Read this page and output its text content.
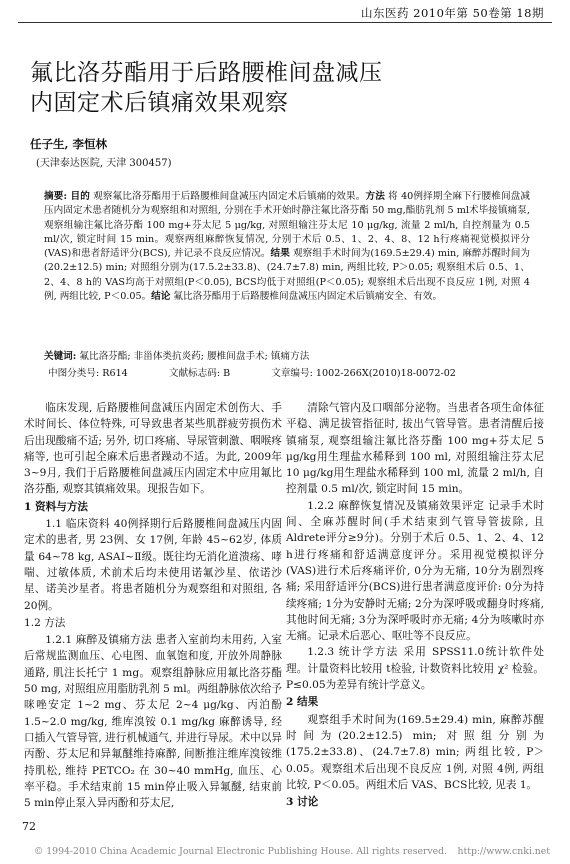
山东医药 2010年第 50卷第 18期
氟比洛芬酯用于后路腰椎间盘减压
内固定术后镇痛效果观察
任子生, 李恒林
(天津泰达医院, 天津 300457)

摘要: 目的 观察氟比洛芬酯用于后路腰椎间盘减压内固定术后镇痛的效果。方法 将 40例择期全麻下行腰椎间盘减压内固定术患者随机分为观察组和对照组, 分别在手术开始时静注氟比洛芬酯 50 mg,酯肪乳剂 5 ml术毕接镇痛泵, 观察组输注氟比洛芬酯 100 mg+芬太尼 5 μg/kg, 对照组输注芬太尼 10 μg/kg, 流量 2 ml/h, 自控剂量为 0.5 ml/次, 锁定时间 15 min。观察两组麻醉恢复情况, 分别于术后 0.5、1、2、4、8、12 h行疼痛视觉模拟评分(VAS)和患者舒适评分(BCS), 并记录不良反应情况。结果 观察组手术时间为(169.5±29.4) min, 麻醉苏醒时间为(20.2±12.5) min; 对照组分别为(17.5.2±33.8)、(24.7±7.8) min, 两组比较, P＞0.05; 观察组术后 0.5、1、2、4、8 h的 VAS均高于对照组(P＜0.05), BCS均低于对照组(P＜0.05); 观察组术后出现不良反应 1例, 对照 4例, 两组比较, P＜0.05。结论 氟比洛芬酯用于后路腰椎间盘减压内固定术后镇痛安全、有效。

关键词: 氟比洛芬酯; 非甾体类抗炎药; 腰椎间盘手术; 镇痛方法
中图分类号: R614	文献标志码: B	文章编号: 1002-266X(2010)18-0072-02

临床发现, 后路腰椎间盘减压内固定术创伤大、手术时间长、体位特殊, 可导致患者某些肌群疲劳损伤术后出现酸痛不适; 另外, 切口疼痛、导尿管刺激、咽喉疼痛等, 也可引起全麻术后患者躁动不适。为此, 2009年 3~9月, 我们于后路腰椎间盘减压内固定术中应用氟比洛芬酯, 观察其镇痛效果。现报告如下。

1 资料与方法

1.1 临床资料 40例择期行后路腰椎间盘减压内固定术的患者, 男 23例、女 17例, 年龄 45~62岁, 体质量 64~78 kg, ASAⅠ~Ⅱ级。既往均无消化道溃疡、哮喘、过敏体质, 术前术后均未使用诺氟沙星、依诺沙星、诺美沙星者。将患者随机分为观察组和对照组, 各 20例。

1.2 方法

1.2.1 麻醉及镇痛方法 患者入室前均未用药, 入室后常规监测血压、心电图、血氧饱和度, 开放外周静脉通路, 肌注长托宁 1 mg。观察组静脉应用氟比洛芬酯 50 mg, 对照组应用脂肪乳剂 5 ml。两组静脉依次给予咪唑安定 1~2 mg、芬太尼 2~4 μg/kg、丙泊酚 1.5~2.0 mg/kg, 维库溴铵 0.1 mg/kg 麻醉诱导, 经口插入气管导管, 进行机械通气, 并进行导尿。术中以异丙酚、芬太尼和异氟醚维持麻醉, 间断推注维库溴铵维持肌松, 维持 PETCO₂ 在 30~40 mmHg, 血压、心率平稳。手术结束前 15 min停止吸入异氟醚, 结束前 5 min停止泵入异丙酚和芬太尼,

清除气管内及口咽部分泌物。当患者各项生命体征平稳、满足拔管指征时, 拔出气管导管。患者清醒后接镇痛泵, 观察组输注氟比洛芬酯 100 mg+芬太尼 5 μg/kg用生理盐水稀释到 100 ml, 对照组输注芬太尼 10 μg/kg用生理盐水稀释到 100 ml, 流量 2 ml/h, 自控剂量 0.5 ml/次, 锁定时间 15 min。

1.2.2 麻醉恢复情况及镇痛效果评定 记录手术时间、全麻苏醒时间(手术结束到气管导管拔除, 且 Aldrete评分≥9分)。分别于术后 0.5、1、2、4、12 h进行疼痛和舒适满意度评分。采用视觉模拟评分(VAS)进行术后疼痛评价, 0分为无痛, 10分为剧烈疼痛; 采用舒适评分(BCS)进行患者满意度评价: 0分为持续疼痛; 1分为安静时无痛; 2分为深呼吸或翻身时疼痛, 其他时间无痛; 3分为深呼吸时亦无痛; 4分为咳嗽时亦无痛。记录术后恶心、呕吐等不良反应。

1.2.3 统计学方法 采用 SPSS11.0统计软件处理。计量资料比较用 t检验, 计数资料比较用 χ² 检验。P≤0.05为差异有统计学意义。

2 结果

观察组手术时间为(169.5±29.4) min, 麻醉苏醒时间为(20.2±12.5) min; 对照组分别为(175.2±33.8)、(24.7±7.8) min; 两组比较, P＞0.05。观察组术后出现不良反应 1例, 对照 4例, 两组比较, P＜0.05。两组术后 VAS、BCS比较, 见表 1。

3 讨论

72
© 1994-2010 China Academic Journal Electronic Publishing House. All rights reserved. http://www.cnki.net
